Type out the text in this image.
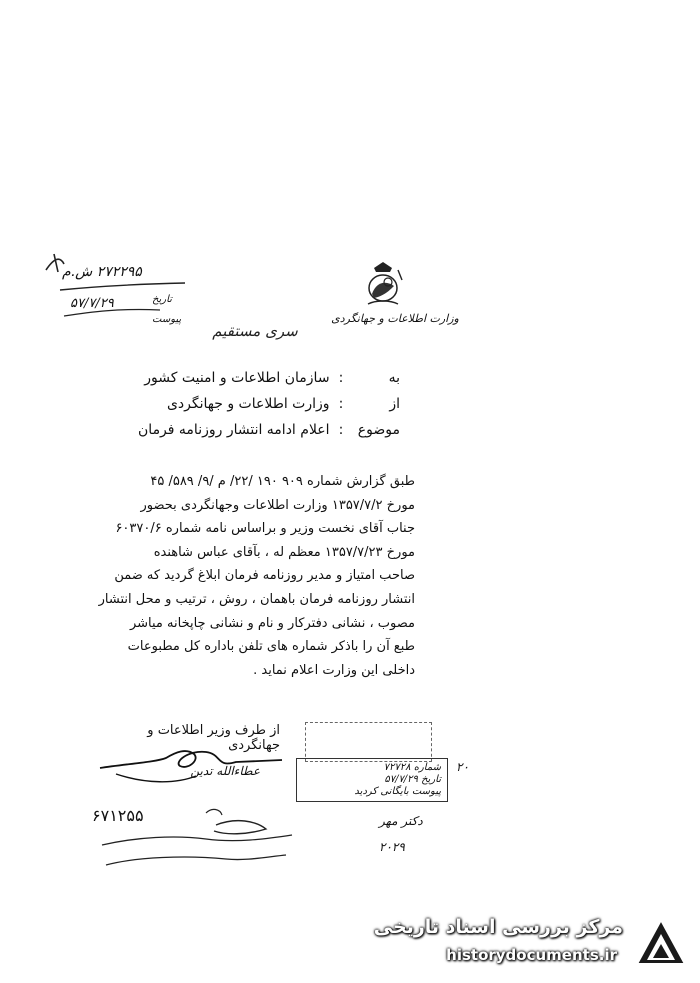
۲۷۲۲۹۵ ش.م
تاریخ
۵۷/۷/۲۹
پیوست	وزارت اطلاعات و جهانگردی
سری مستقیم
به: سازمان اطلاعات و امنیت کشور
از: وزارت اطلاعات و جهانگردی
موضوع: اعلام ادامه انتشار روزنامه فرمان
طبق گزارش شماره ۹۰۹ ۱۹۰ /۲۲/ م /۹/ ۵۸۹/ ۴۵
مورخ ۱۳۵۷/۷/۲ وزارت اطلاعات وجهانگردی بحضور
جناب آقای نخست وزیر و براساس نامه شماره ۶۰۳۷۰/۶
مورخ ۱۳۵۷/۷/۲۳ معظم له ، بآقای عباس شاهنده
صاحب امتیاز و مدیر روزنامه فرمان ابلاغ گردید که ضمن
انتشار روزنامه فرمان باهمان ، روش ، ترتیب و محل انتشار
مصوب ، نشانی دفترکار و نام و نشانی چاپخانه میاشر
طبع آن را باذکر شماره های تلفن باداره کل مطبوعات
داخلی این وزارت اعلام نماید .
از طرف وزیر اطلاعات و جهانگردی
عطاءالله تدین	شماره ۷۲۷۲۸
تاریخ ۵۷/۷/۲۹
پیوست بایگانی کردید
۲۰
۶۷۱۲۵۵	دکتر مهر
۲۰۲۹
مرکز بررسی اسناد تاریخی
historydocuments.ir
